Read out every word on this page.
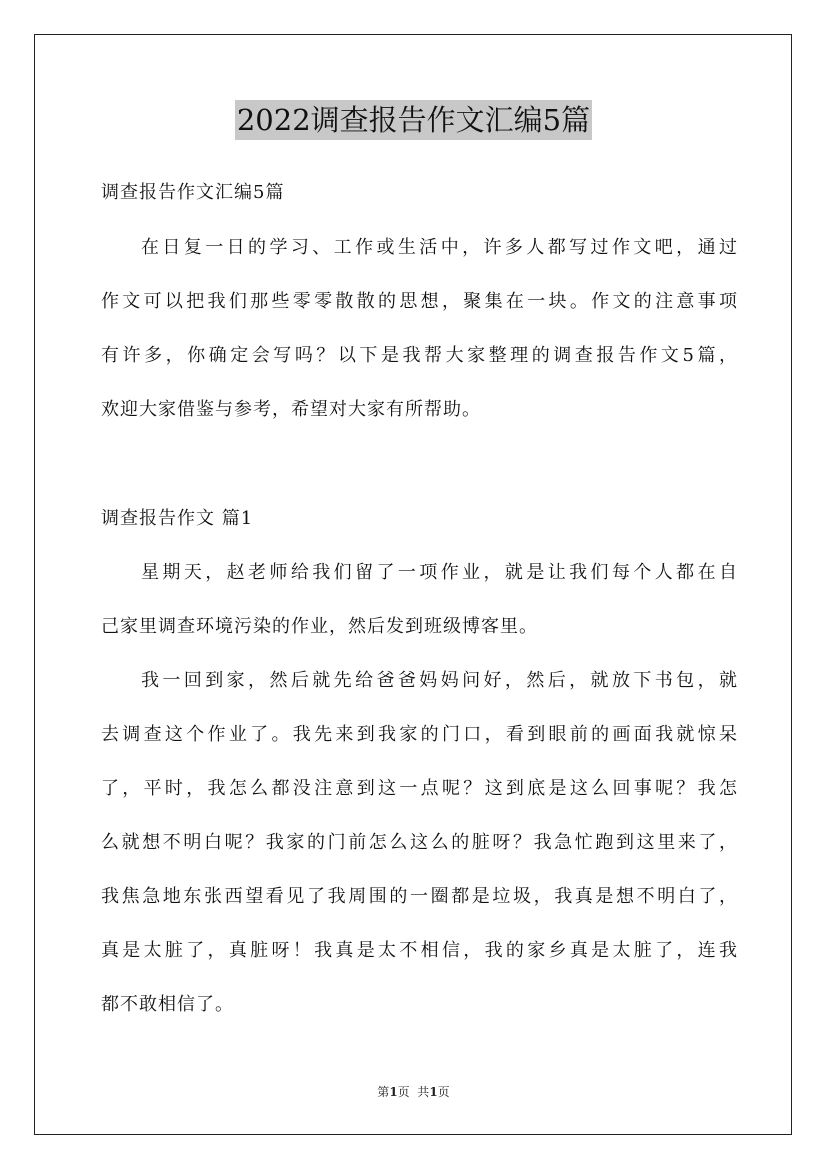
2022调查报告作文汇编5篇
调查报告作文汇编5篇
在日复一日的学习、工作或生活中，许多人都写过作文吧，通过
作文可以把我们那些零零散散的思想，聚集在一块。作文的注意事项
有许多，你确定会写吗？以下是我帮大家整理的调查报告作文5篇，
欢迎大家借鉴与参考，希望对大家有所帮助。
调查报告作文 篇1
星期天，赵老师给我们留了一项作业，就是让我们每个人都在自
己家里调查环境污染的作业，然后发到班级博客里。
我一回到家，然后就先给爸爸妈妈问好，然后，就放下书包，就
去调查这个作业了。我先来到我家的门口，看到眼前的画面我就惊呆
了，平时，我怎么都没注意到这一点呢？这到底是这么回事呢？我怎
么就想不明白呢？我家的门前怎么这么的脏呀？我急忙跑到这里来了，
我焦急地东张西望看见了我周围的一圈都是垃圾，我真是想不明白了，
真是太脏了，真脏呀！我真是太不相信，我的家乡真是太脏了，连我
都不敢相信了。
第1页  共1页
